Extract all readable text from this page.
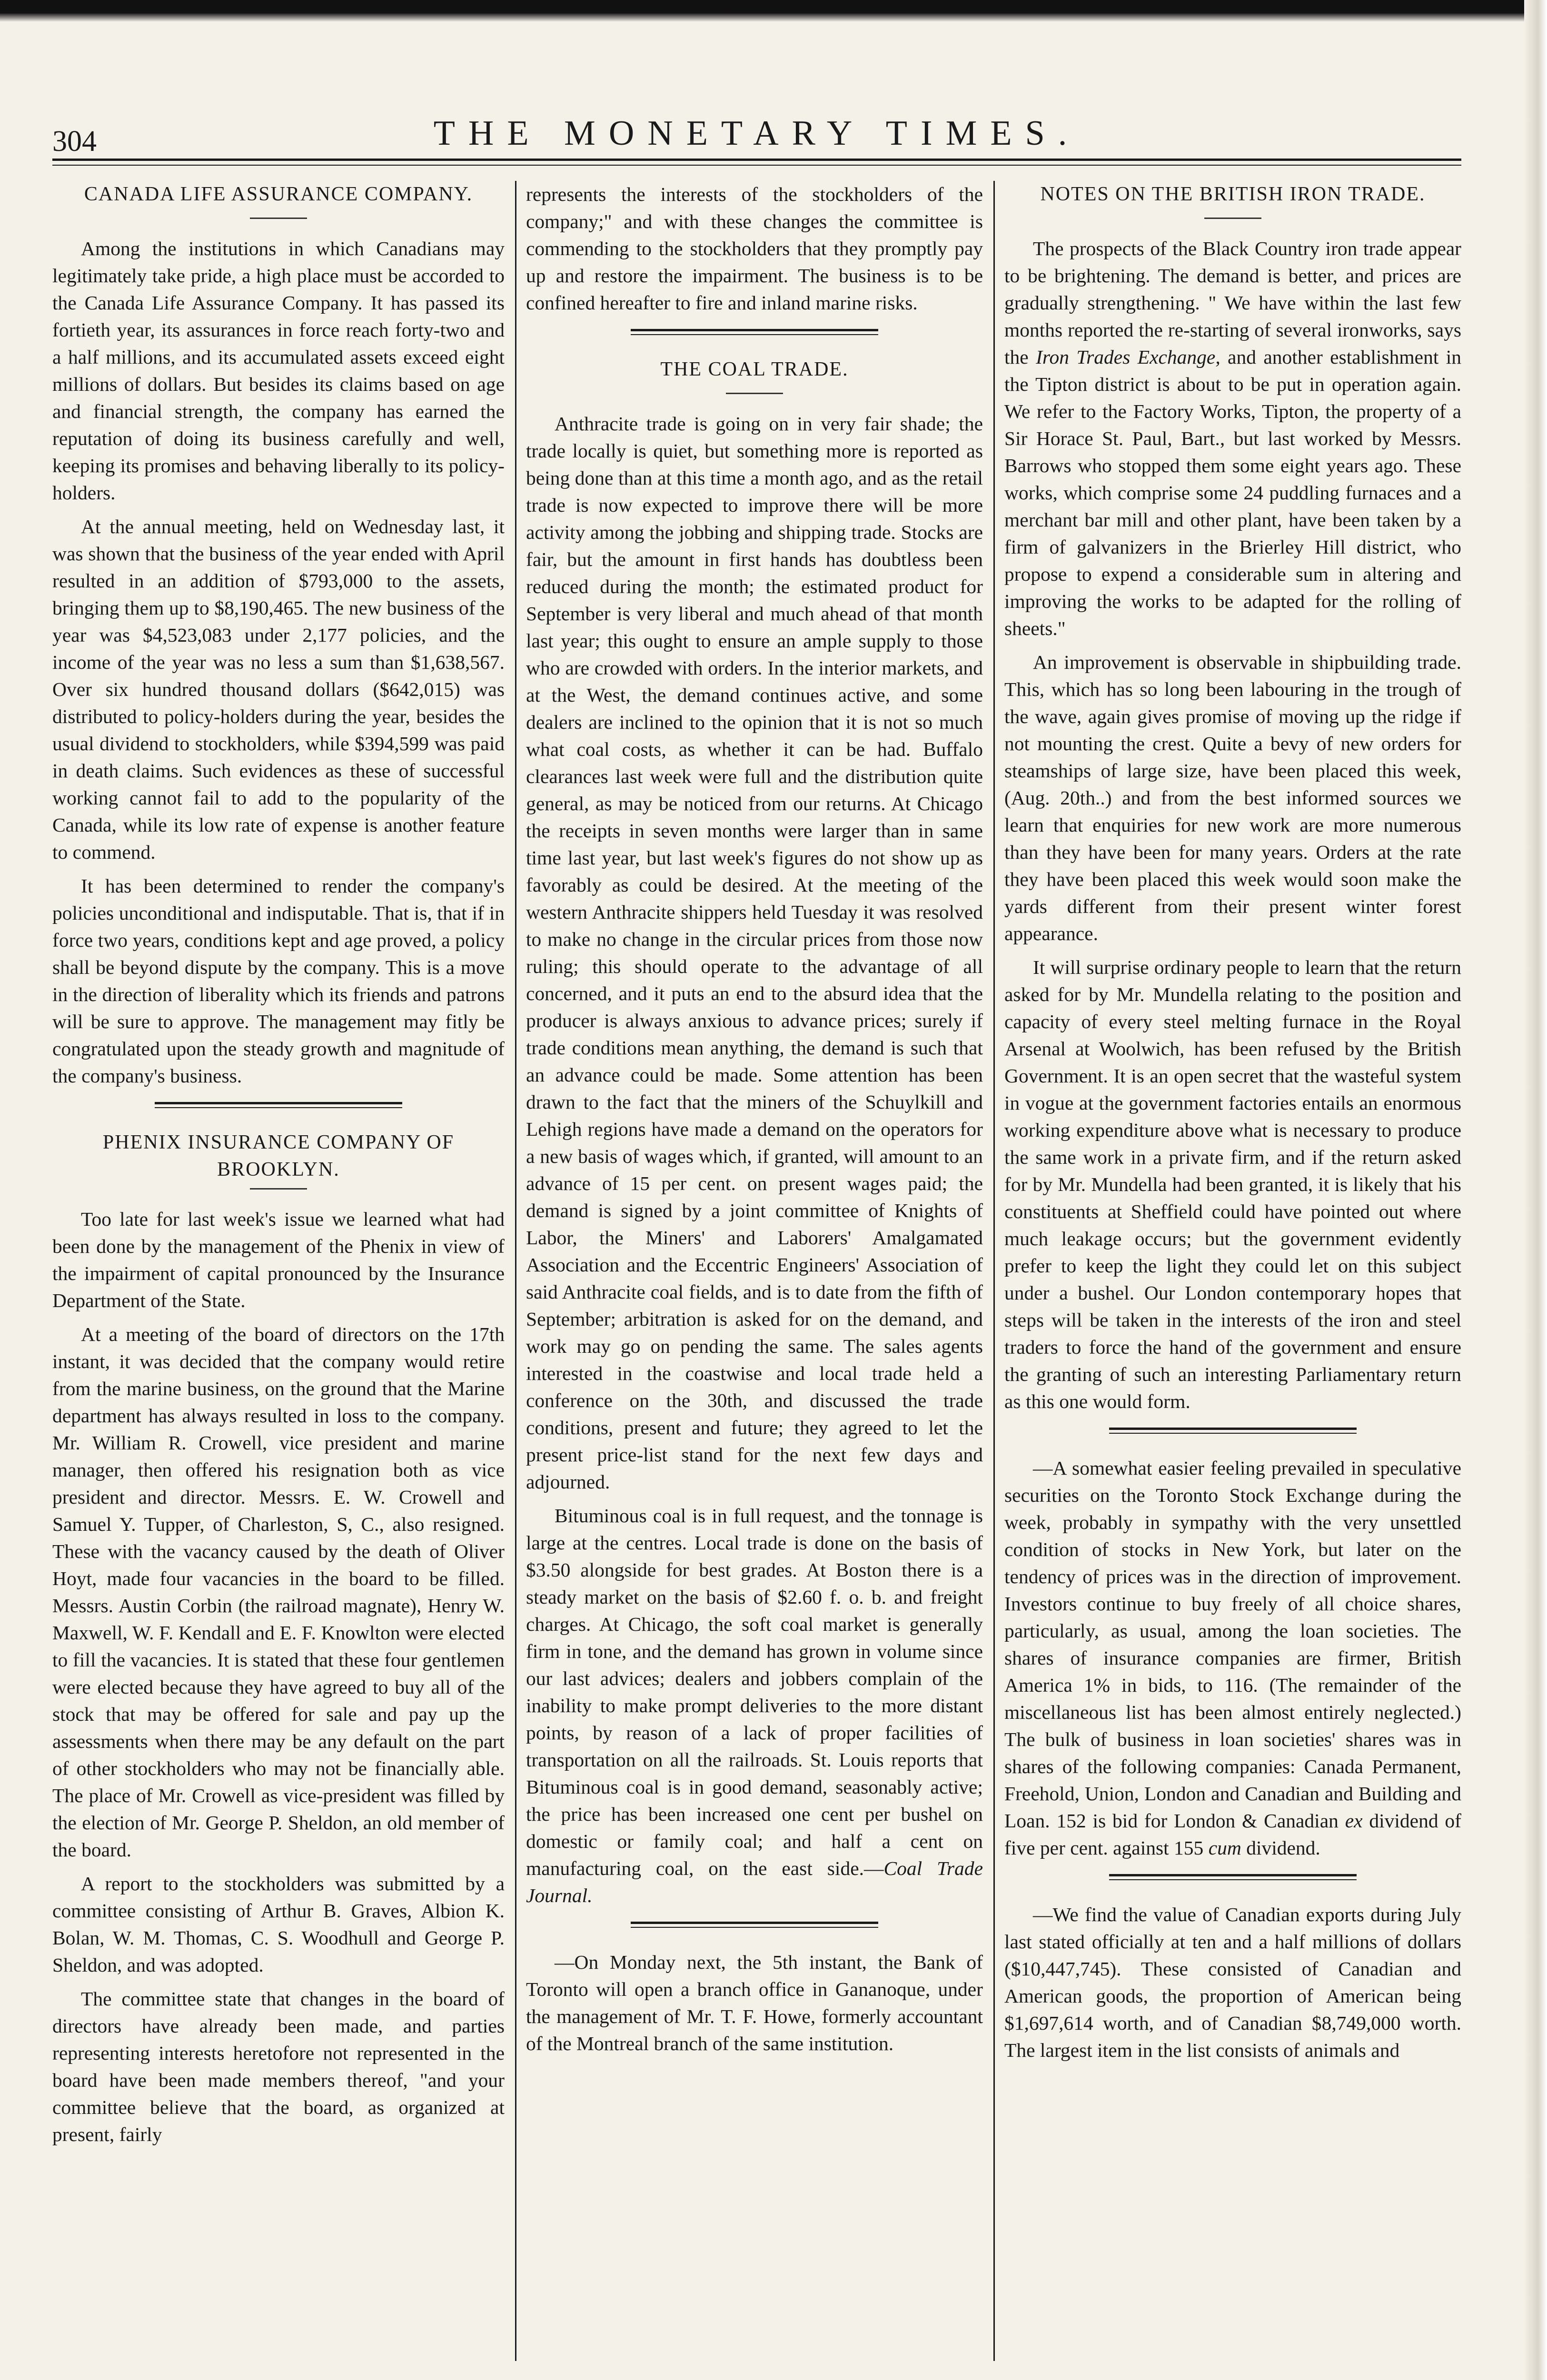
304	THE MONETARY TIMES.
CANADA LIFE ASSURANCE COMPANY.

Among the institutions in which Canadians may legitimately take pride, a high place must be accorded to the Canada Life Assurance Company. It has passed its fortieth year, its assurances in force reach forty-two and a half millions, and its accumulated assets exceed eight millions of dollars. But besides its claims based on age and financial strength, the company has earned the reputation of doing its business carefully and well, keeping its promises and behaving liberally to its policy-holders.

At the annual meeting, held on Wednesday last, it was shown that the business of the year ended with April resulted in an addition of $793,000 to the assets, bringing them up to $8,190,465. The new business of the year was $4,523,083 under 2,177 policies, and the income of the year was no less a sum than $1,638,567. Over six hundred thousand dollars ($642,015) was distributed to policy-holders during the year, besides the usual dividend to stockholders, while $394,599 was paid in death claims. Such evidences as these of successful working cannot fail to add to the popularity of the Canada, while its low rate of expense is another feature to commend.

It has been determined to render the company's policies unconditional and indisputable. That is, that if in force two years, conditions kept and age proved, a policy shall be beyond dispute by the company. This is a move in the direction of liberality which its friends and patrons will be sure to approve. The management may fitly be congratulated upon the steady growth and magnitude of the company's business.

PHENIX INSURANCE COMPANY OF
BROOKLYN.

Too late for last week's issue we learned what had been done by the management of the Phenix in view of the impairment of capital pronounced by the Insurance Department of the State.

At a meeting of the board of directors on the 17th instant, it was decided that the company would retire from the marine business, on the ground that the Marine department has always resulted in loss to the company. Mr. William R. Crowell, vice president and marine manager, then offered his resignation both as vice president and director. Messrs. E. W. Crowell and Samuel Y. Tupper, of Charleston, S, C., also resigned. These with the vacancy caused by the death of Oliver Hoyt, made four vacancies in the board to be filled. Messrs. Austin Corbin (the railroad magnate), Henry W. Maxwell, W. F. Kendall and E. F. Knowlton were elected to fill the vacancies. It is stated that these four gentlemen were elected because they have agreed to buy all of the stock that may be offered for sale and pay up the assessments when there may be any default on the part of other stockholders who may not be financially able. The place of Mr. Crowell as vice-president was filled by the election of Mr. George P. Sheldon, an old member of the board.

A report to the stockholders was submitted by a committee consisting of Arthur B. Graves, Albion K. Bolan, W. M. Thomas, C. S. Woodhull and George P. Sheldon, and was adopted.

The committee state that changes in the board of directors have already been made, and parties representing interests heretofore not represented in the board have been made members thereof, "and your committee believe that the board, as organized at present, fairly

represents the interests of the stockholders of the company;" and with these changes the committee is commending to the stockholders that they promptly pay up and restore the impairment. The business is to be confined hereafter to fire and inland marine risks.

THE COAL TRADE.

Anthracite trade is going on in very fair shade; the trade locally is quiet, but something more is reported as being done than at this time a month ago, and as the retail trade is now expected to improve there will be more activity among the jobbing and shipping trade. Stocks are fair, but the amount in first hands has doubtless been reduced during the month; the estimated product for September is very liberal and much ahead of that month last year; this ought to ensure an ample supply to those who are crowded with orders. In the interior markets, and at the West, the demand continues active, and some dealers are inclined to the opinion that it is not so much what coal costs, as whether it can be had. Buffalo clearances last week were full and the distribution quite general, as may be noticed from our returns. At Chicago the receipts in seven months were larger than in same time last year, but last week's figures do not show up as favorably as could be desired. At the meeting of the western Anthracite shippers held Tuesday it was resolved to make no change in the circular prices from those now ruling; this should operate to the advantage of all concerned, and it puts an end to the absurd idea that the producer is always anxious to advance prices; surely if trade conditions mean anything, the demand is such that an advance could be made. Some attention has been drawn to the fact that the miners of the Schuylkill and Lehigh regions have made a demand on the operators for a new basis of wages which, if granted, will amount to an advance of 15 per cent. on present wages paid; the demand is signed by a joint committee of Knights of Labor, the Miners' and Laborers' Amalgamated Association and the Eccentric Engineers' Association of said Anthracite coal fields, and is to date from the fifth of September; arbitration is asked for on the demand, and work may go on pending the same. The sales agents interested in the coastwise and local trade held a conference on the 30th, and discussed the trade conditions, present and future; they agreed to let the present price-list stand for the next few days and adjourned.

Bituminous coal is in full request, and the tonnage is large at the centres. Local trade is done on the basis of $3.50 alongside for best grades. At Boston there is a steady market on the basis of $2.60 f. o. b. and freight charges. At Chicago, the soft coal market is generally firm in tone, and the demand has grown in volume since our last advices; dealers and jobbers complain of the inability to make prompt deliveries to the more distant points, by reason of a lack of proper facilities of transportation on all the railroads. St. Louis reports that Bituminous coal is in good demand, seasonably active; the price has been increased one cent per bushel on domestic or family coal; and half a cent on manufacturing coal, on the east side.—Coal Trade Journal.

—On Monday next, the 5th instant, the Bank of Toronto will open a branch office in Gananoque, under the management of Mr. T. F. Howe, formerly accountant of the Montreal branch of the same institution.

NOTES ON THE BRITISH IRON TRADE.

The prospects of the Black Country iron trade appear to be brightening. The demand is better, and prices are gradually strengthening. " We have within the last few months reported the re-starting of several ironworks, says the Iron Trades Exchange, and another establishment in the Tipton district is about to be put in operation again. We refer to the Factory Works, Tipton, the property of a Sir Horace St. Paul, Bart., but last worked by Messrs. Barrows who stopped them some eight years ago. These works, which comprise some 24 puddling furnaces and a merchant bar mill and other plant, have been taken by a firm of galvanizers in the Brierley Hill district, who propose to expend a considerable sum in altering and improving the works to be adapted for the rolling of sheets."

An improvement is observable in shipbuilding trade. This, which has so long been labouring in the trough of the wave, again gives promise of moving up the ridge if not mounting the crest. Quite a bevy of new orders for steamships of large size, have been placed this week, (Aug. 20th..) and from the best informed sources we learn that enquiries for new work are more numerous than they have been for many years. Orders at the rate they have been placed this week would soon make the yards different from their present winter forest appearance.

It will surprise ordinary people to learn that the return asked for by Mr. Mundella relating to the position and capacity of every steel melting furnace in the Royal Arsenal at Woolwich, has been refused by the British Government. It is an open secret that the wasteful system in vogue at the government factories entails an enormous working expenditure above what is necessary to produce the same work in a private firm, and if the return asked for by Mr. Mundella had been granted, it is likely that his constituents at Sheffield could have pointed out where much leakage occurs; but the government evidently prefer to keep the light they could let on this subject under a bushel. Our London contemporary hopes that steps will be taken in the interests of the iron and steel traders to force the hand of the government and ensure the granting of such an interesting Parliamentary return as this one would form.

—A somewhat easier feeling prevailed in speculative securities on the Toronto Stock Exchange during the week, probably in sympathy with the very unsettled condition of stocks in New York, but later on the tendency of prices was in the direction of improvement. Investors continue to buy freely of all choice shares, particularly, as usual, among the loan societies. The shares of insurance companies are firmer, British America 1% in bids, to 116. (The remainder of the miscellaneous list has been almost entirely neglected.) The bulk of business in loan societies' shares was in shares of the following companies: Canada Permanent, Freehold, Union, London and Canadian and Building and Loan. 152 is bid for London & Canadian ex dividend of five per cent. against 155 cum dividend.

—We find the value of Canadian exports during July last stated officially at ten and a half millions of dollars ($10,447,745). These consisted of Canadian and American goods, the proportion of American being $1,697,614 worth, and of Canadian $8,749,000 worth. The largest item in the list consists of animals and
